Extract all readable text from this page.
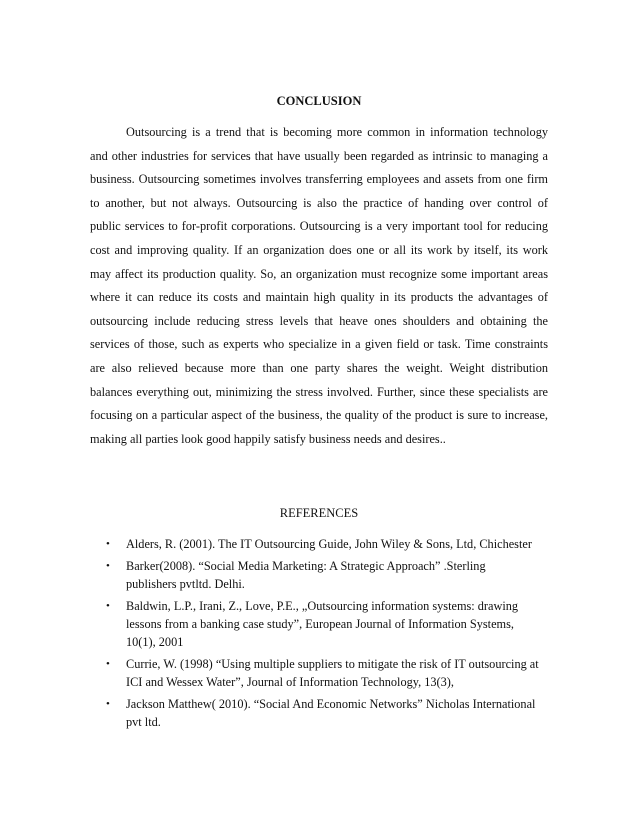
CONCLUSION
Outsourcing is a trend that is becoming more common in information technology
and other industries for services that have usually been regarded as intrinsic to managing a
business. Outsourcing sometimes involves transferring employees and assets from one firm
to another, but not always. Outsourcing is also the practice of handing over control of
public services to for-profit corporations. Outsourcing is a very important tool for reducing
cost and improving quality. If an organization does one or all its work by itself, its work
may affect its production quality. So, an organization must recognize some important areas
where it can reduce its costs and maintain high quality in its products the advantages of
outsourcing include reducing stress levels that heave ones shoulders and obtaining the
services of those, such as experts who specialize in a given field or task. Time constraints
are also relieved because more than one party shares the weight. Weight distribution
balances everything out, minimizing the stress involved. Further, since these specialists are
focusing on a particular aspect of the business, the quality of the product is sure to increase,
making all parties look good happily satisfy business needs and desires..
REFERENCES
• Alders, R. (2001). The IT Outsourcing Guide, John Wiley & Sons, Ltd, Chichester
• Barker(2008). “Social Media Marketing: A Strategic Approach” .Sterling
publishers pvtltd. Delhi.
• Baldwin, L.P., Irani, Z., Love, P.E., „Outsourcing information systems: drawing
lessons from a banking case study”, European Journal of Information Systems,
10(1), 2001
• Currie, W. (1998) “Using multiple suppliers to mitigate the risk of IT outsourcing at
ICI and Wessex Water”, Journal of Information Technology, 13(3),
• Jackson Matthew( 2010). “Social And Economic Networks” Nicholas International
pvt ltd.
